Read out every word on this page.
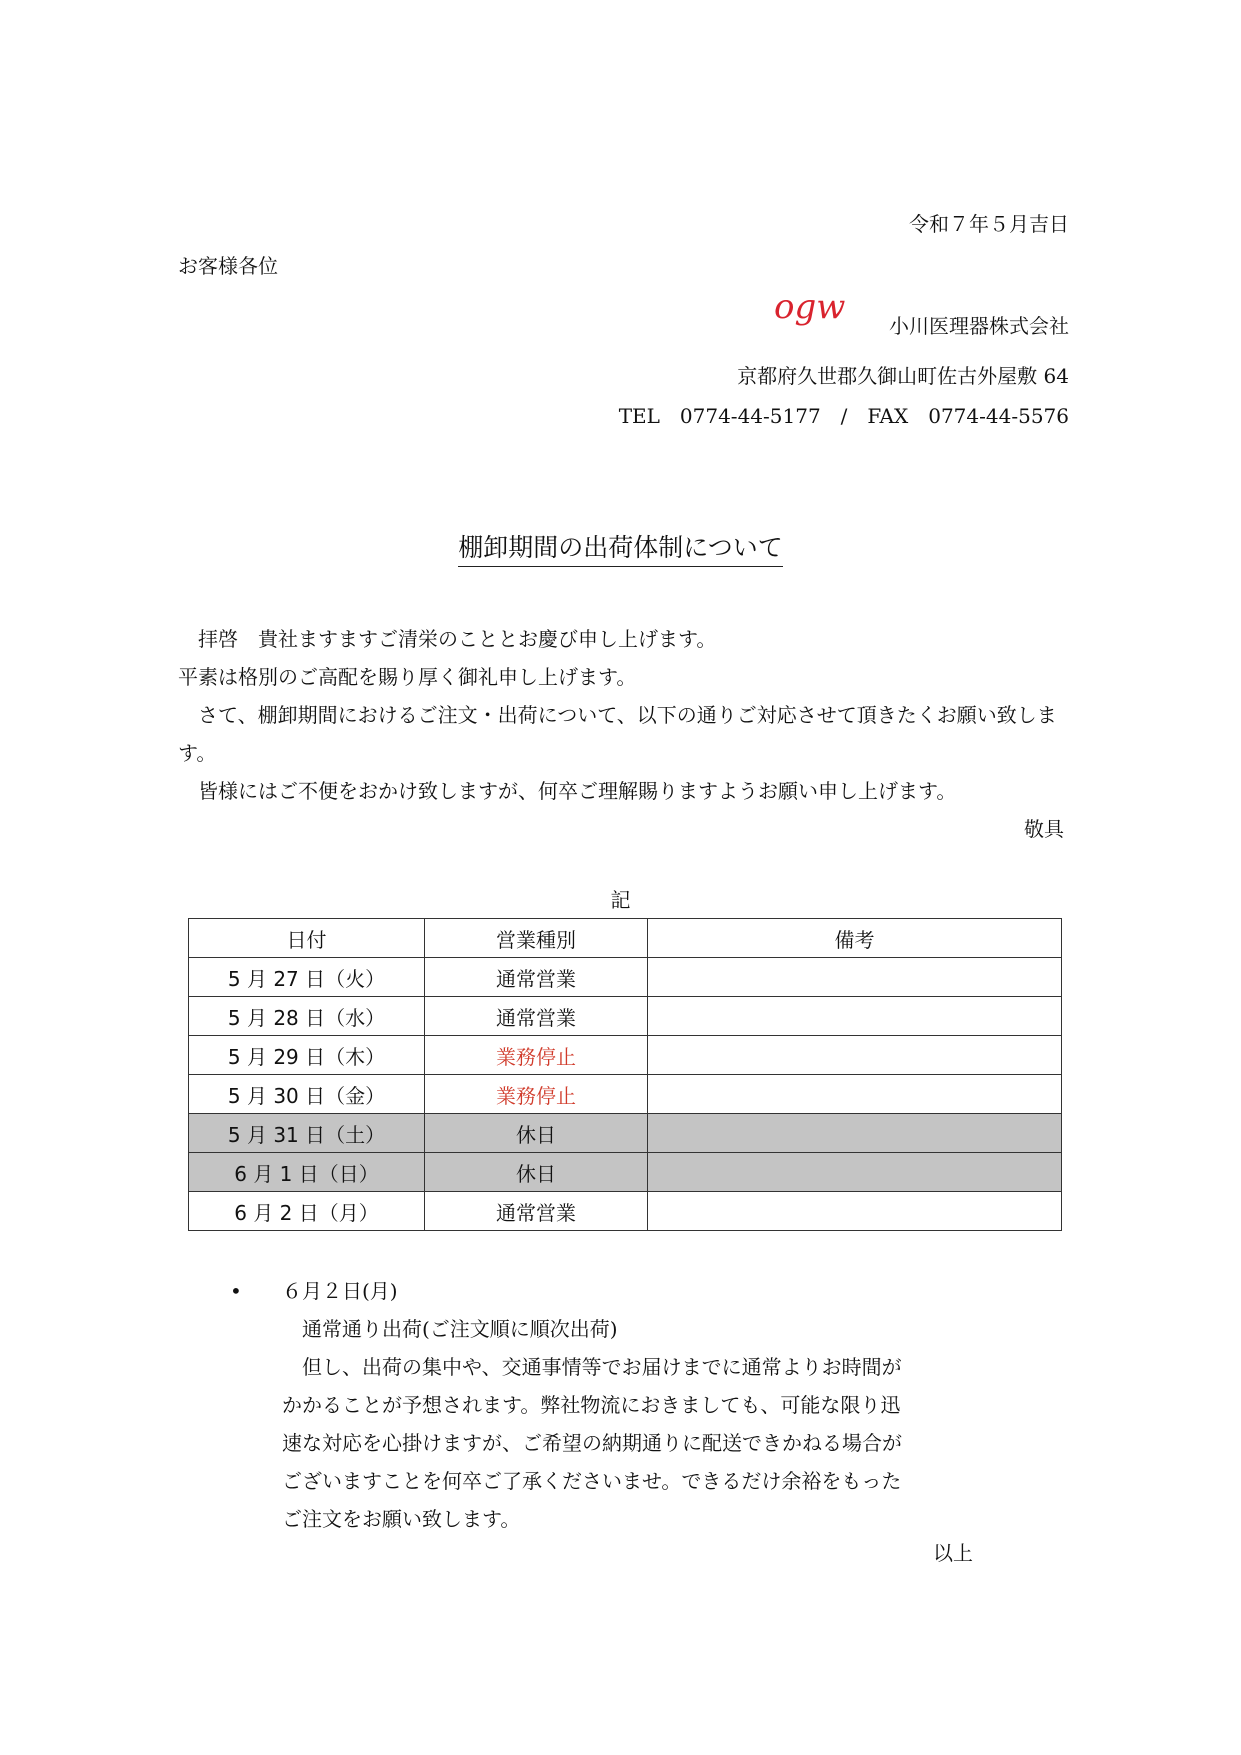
令和７年５月吉日
お客様各位
ogw 小川医理器株式会社
京都府久世郡久御山町佐古外屋敷 64
TEL　0774-44-5177　/　FAX　0774-44-5576
棚卸期間の出荷体制について

拝啓　貴社ますますご清栄のこととお慶び申し上げます。

平素は格別のご高配を賜り厚く御礼申し上げます。

さて、棚卸期間におけるご注文・出荷について、以下の通りご対応させて頂きたくお願い致します。

皆様にはご不便をおかけ致しますが、何卒ご理解賜りますようお願い申し上げます。

敬具

記
日付	営業種別	備考
5 月 27 日（火）	通常営業	
5 月 28 日（水）	通常営業	
5 月 29 日（木）	業務停止	
5 月 30 日（金）	業務停止	
5 月 31 日（土）	休日	
6 月 1 日（日）	休日	
6 月 2 日（月）	通常営業	
•	６月２日(月)

通常通り出荷(ご注文順に順次出荷)

但し、出荷の集中や、交通事情等でお届けまでに通常よりお時間がかかることが予想されます。弊社物流におきましても、可能な限り迅速な対応を心掛けますが、ご希望の納期通りに配送できかねる場合がございますことを何卒ご了承くださいませ。できるだけ余裕をもったご注文をお願い致します。

以上
